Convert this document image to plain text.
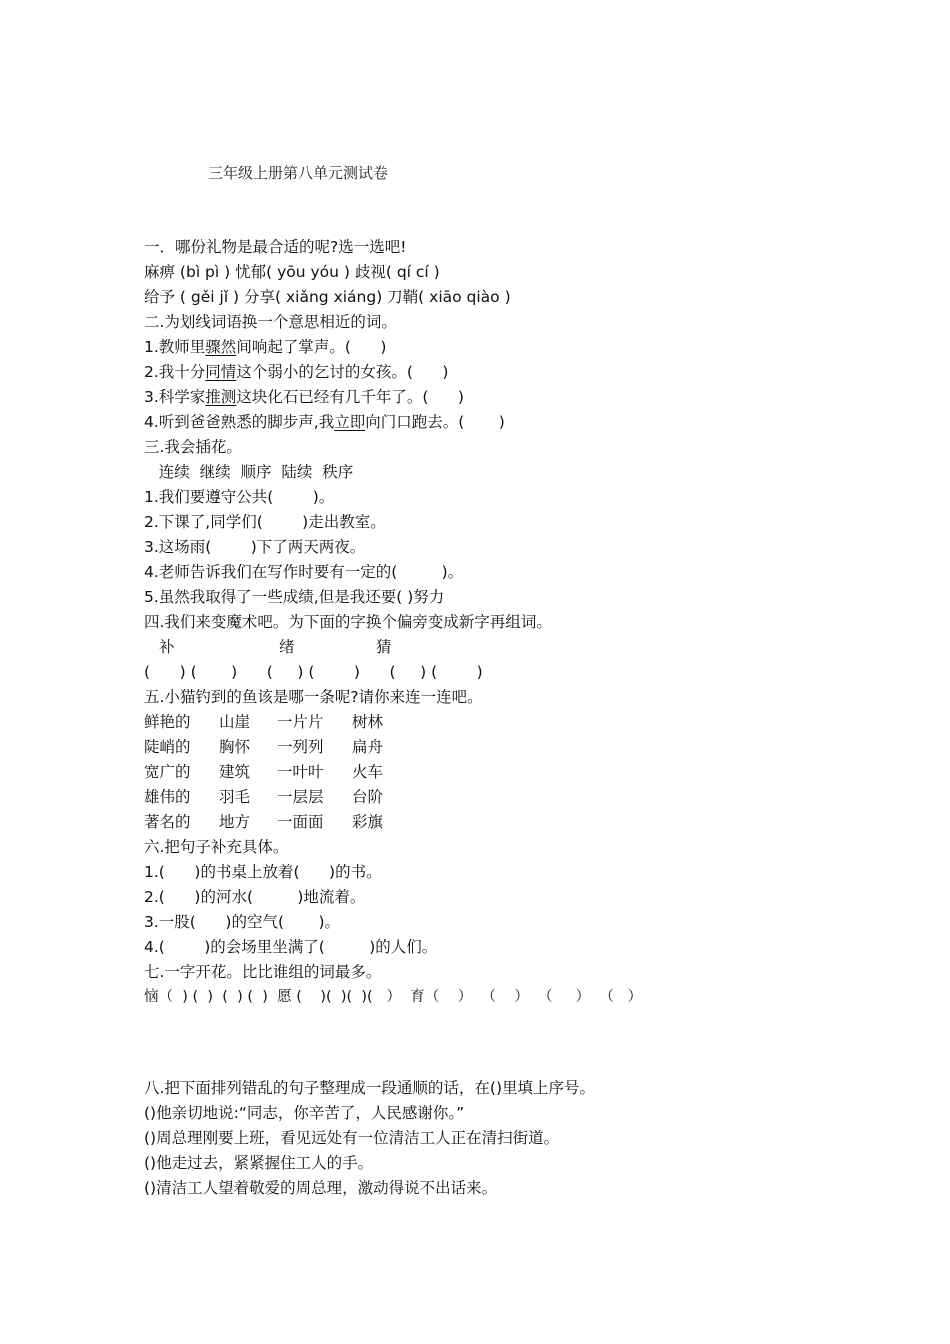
三年级上册第八单元测试卷
一．哪份礼物是最合适的呢?选一选吧!
麻痹 (bì pì ) 忧郁( yōu yóu ) 歧视( qí cí )
给予 ( gěi jǐ ) 分享( xiǎng xiáng) 刀鞘( xiāo qiào )
二.为划线词语换一个意思相近的词。
1.教师里骤然间响起了掌声。(      )
2.我十分同情这个弱小的乞讨的女孩。(      )
3.科学家推测这块化石已经有几千年了。(      )
4.听到爸爸熟悉的脚步声,我立即向门口跑去。(       )
三.我会插花。
连续  继续  顺序  陆续  秩序
1.我们要遵守公共(        )。
2.下课了,同学们(        )走出教室。
3.这场雨(        )下了两天两夜。
4.老师告诉我们在写作时要有一定的(         )。
5.虽然我取得了一些成绩,但是我还要( )努力
四.我们来变魔术吧。为下面的字换个偏旁变成新字再组词。
补	绪	猜
(      ) (       )      (     ) (        )      (     ) (        )
五.小猫钓到的鱼该是哪一条呢?请你来连一连吧。
鲜艳的	山崖	一片片	树林
陡峭的	胸怀	一列列	扁舟
宽广的	建筑	一叶叶	火车
雄伟的	羽毛	一层层	台阶
著名的	地方	一面面	彩旗
六.把句子补充具体。
1.(      )的书桌上放着(      )的书。
2.(      )的河水(         )地流着。
3.一股(      )的空气(       )。
4.(        )的会场里坐满了(         )的人们。
七.一字开花。比比谁组的词最多。
恼（  ) (  )  (  ) (  )  愿 (    )(  )(  )(   ）  育（    ）  （    ）  （     ）  （   ）
八.把下面排列错乱的句子整理成一段通顺的话，在()里填上序号。
()他亲切地说:“同志，你辛苦了，人民感谢你。”
()周总理刚要上班，看见远处有一位清洁工人正在清扫街道。
()他走过去，紧紧握住工人的手。
()清洁工人望着敬爱的周总理，激动得说不出话来。
